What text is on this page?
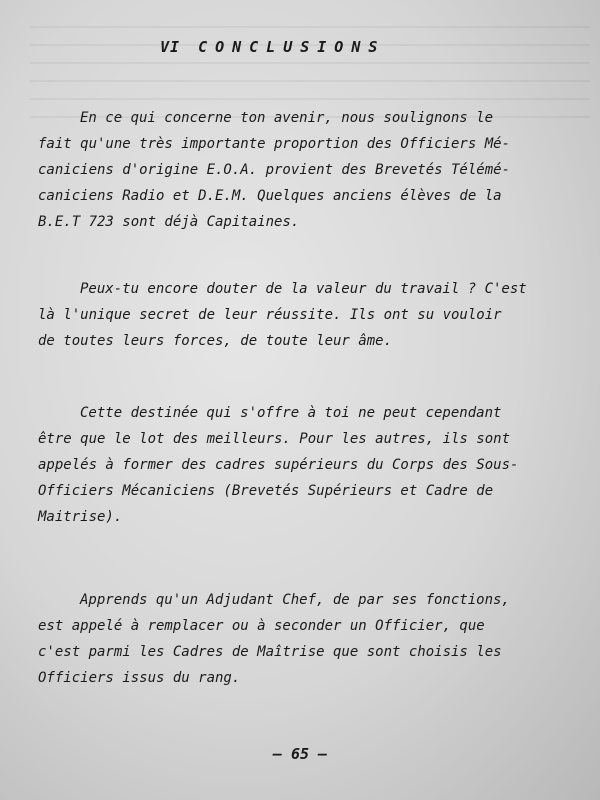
VI CONCLUSIONS

En ce qui concerne ton avenir, nous soulignons le
fait qu'une très importante proportion des Officiers Mé-
caniciens d'origine E.O.A. provient des Brevetés Télémé-
caniciens Radio et D.E.M. Quelques anciens élèves de la
B.E.T 723 sont déjà Capitaines.

Peux-tu encore douter de la valeur du travail ? C'est
là l'unique secret de leur réussite. Ils ont su vouloir
de toutes leurs forces, de toute leur âme.

Cette destinée qui s'offre à toi ne peut cependant
être que le lot des meilleurs. Pour les autres, ils sont
appelés à former des cadres supérieurs du Corps des Sous-
Officiers Mécaniciens (Brevetés Supérieurs et Cadre de
Maitrise).

Apprends qu'un Adjudant Chef, de par ses fonctions,
est appelé à remplacer ou à seconder un Officier, que
c'est parmi les Cadres de Maîtrise que sont choisis les
Officiers issus du rang.

— 65 —
